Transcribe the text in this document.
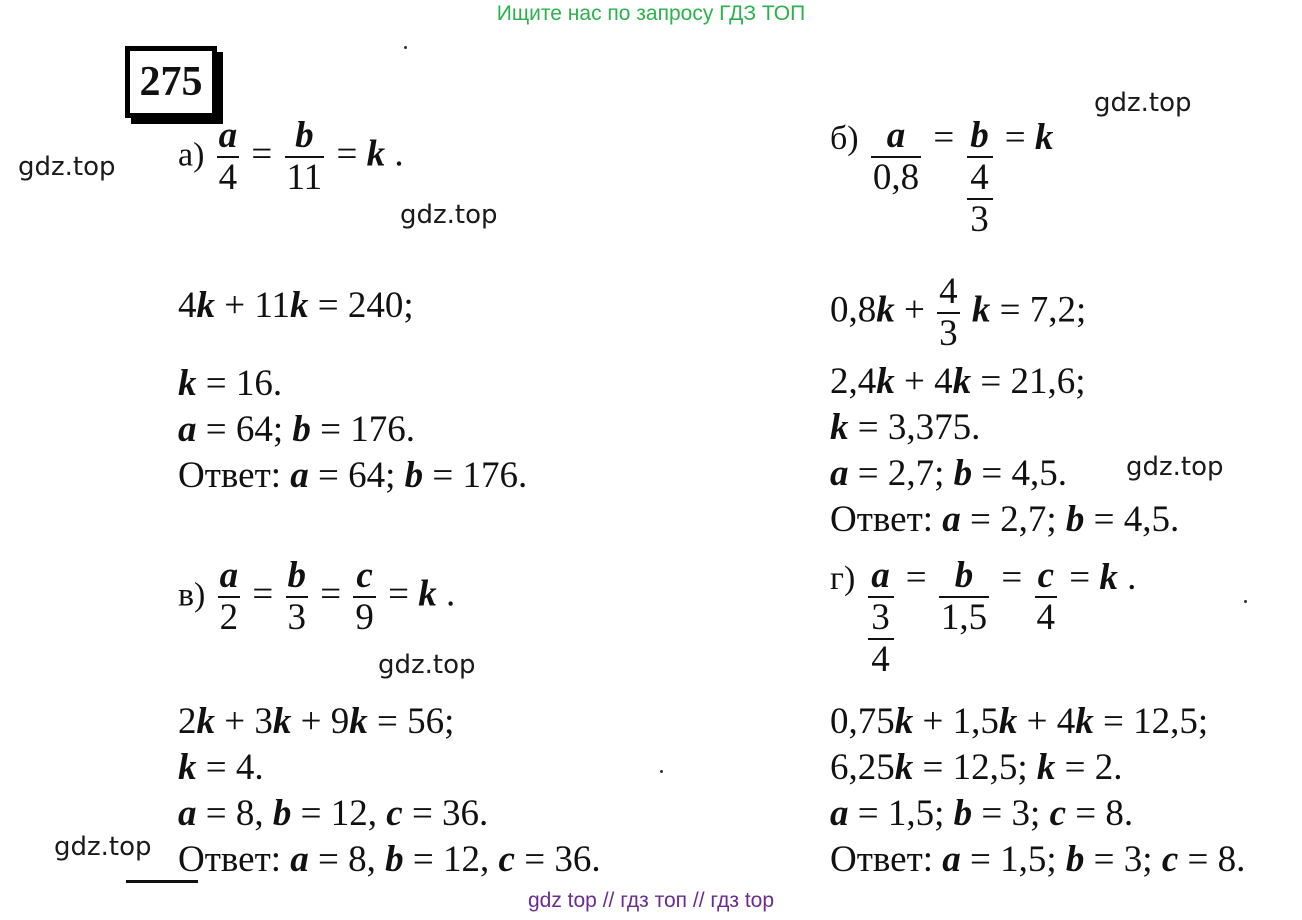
Ищите нас по запросу ГДЗ ТОП
275
gdz.top
gdz.top
gdz.top
gdz.top
gdz.top
gdz.top
$а) \frac{a}{4} = \frac{b}{11} = k$ .
4k + 11k = 240;
k = 16.
a = 64; b = 176.
Ответ: a = 64; b = 176.
$б) \frac{a}{0,8} = b$
4
3
= k
$0,8k + \frac{4}{3}$ k = 7,2;
2,4k + 4k = 21,6;
k = 3,375.
a = 2,7; b = 4,5.
Ответ: a = 2,7; b = 4,5.
$в) \frac{a}{2} = \frac{b}{3} = \frac{c}{9} = k$ .
2k + 3k + 9k = 56;
k = 4.
a = 8, b = 12, c = 36.
Ответ: a = 8, b = 12, c = 36.
г) a
3
4
= $\frac{b}{1,5} = \frac{c}{4} = k$ .
0,75k + 1,5k + 4k = 12,5;
6,25k = 12,5; k = 2.
a = 1,5; b = 3; c = 8.
Ответ: a = 1,5; b = 3; c = 8.
gdz top // гдз топ // гдз top
